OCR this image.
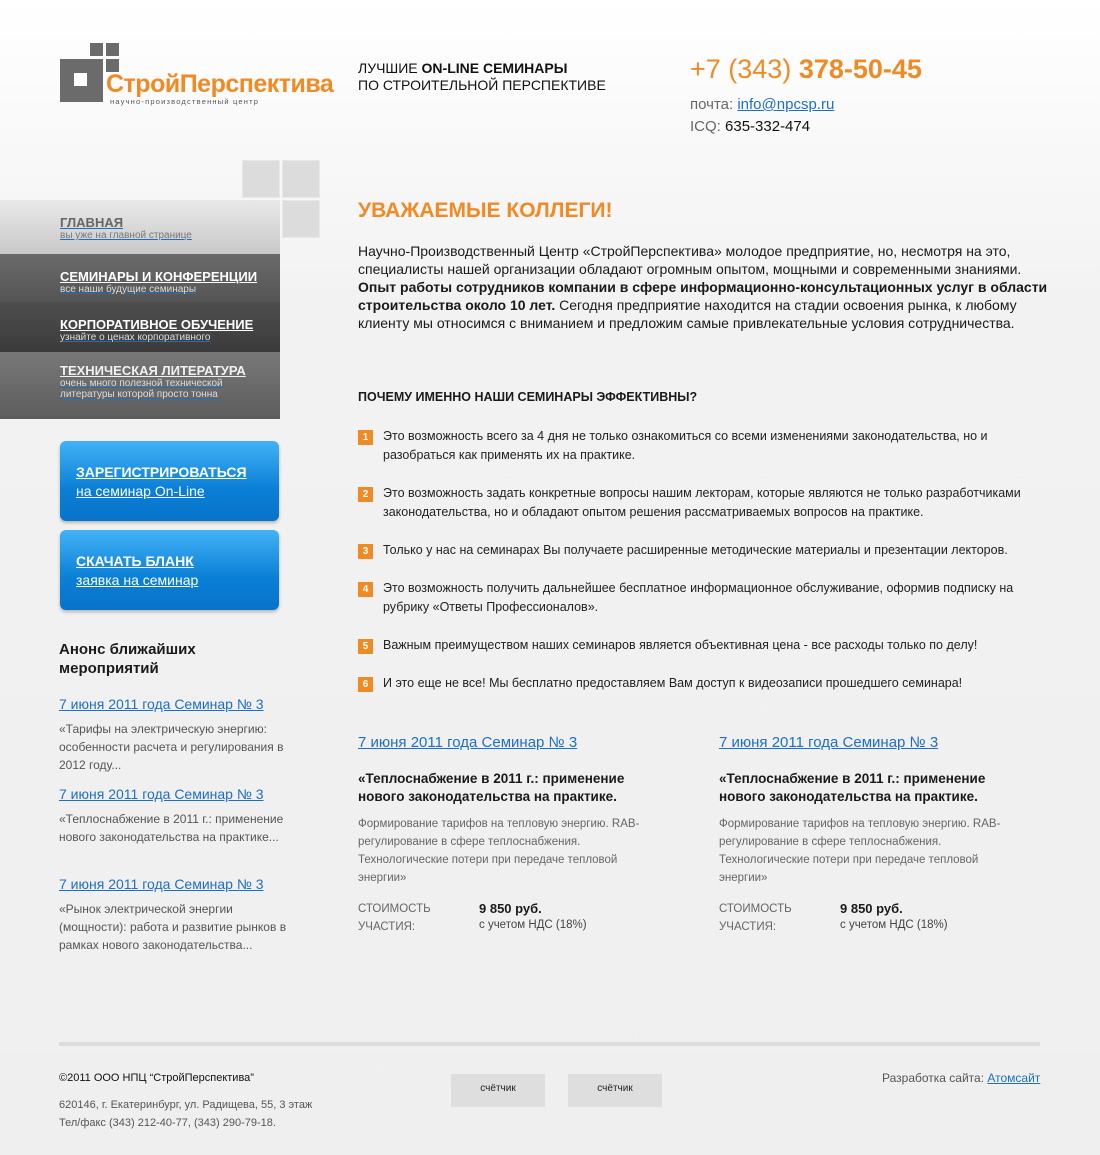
СтройПерспектива
научно-производственный центр
ЛУЧШИЕ ON-LINE СЕМИНАРЫ
ПО СТРОИТЕЛЬНОЙ ПЕРСПЕКТИВЕ
+7 (343) 378-50-45
почта: info@npcsp.ru
ICQ: 635-332-474
ГЛАВНАЯ
вы уже на главной странице
СЕМИНАРЫ И КОНФЕРЕНЦИИ
все наши будущие семинары
КОРПОРАТИВНОЕ ОБУЧЕНИЕ
узнайте о ценах корпоративного
ТЕХНИЧЕСКАЯ ЛИТЕРАТУРА
очень много полезной технической литературы которой просто тонна
ЗАРЕГИСТРИРОВАТЬСЯ
на семинар On-Line
СКАЧАТЬ БЛАНК
заявка на семинар
Анонс ближайших мероприятий
7 июня 2011 года Семинар № 3

«Тарифы на электрическую энергию: особенности расчета и регулирования в 2012 году...

7 июня 2011 года Семинар № 3

«Теплоснабжение в 2011 г.: применение нового законодательства на практике...

7 июня 2011 года Семинар № 3

«Рынок электрической энергии (мощности): работа и развитие рынков в рамках нового законодательства...

УВАЖАЕМЫЕ КОЛЛЕГИ!

Научно-Производственный Центр «СтройПерспектива» молодое предприятие, но, несмотря на это, специалисты нашей организации обладают огромным опытом, мощными и современными знаниями. Опыт работы сотрудников компании в сфере информационно-консультационных услуг в области строительства около 10 лет. Сегодня предприятие находится на стадии освоения рынка, к любому клиенту мы относимся с вниманием и предложим самые привлекательные условия сотрудничества.

ПОЧЕМУ ИМЕННО НАШИ СЕМИНАРЫ ЭФФЕКТИВНЫ?
1	Это возможность всего за 4 дня не только ознакомиться со всеми изменениями законодательства, но и разобраться как применять их на практике.
2	Это возможность задать конкретные вопросы нашим лекторам, которые являются не только разработчиками законодательства, но и обладают опытом решения рассматриваемых вопросов на практике.
3	Только у нас на семинарах Вы получаете расширенные методические материалы и презентации лекторов.
4	Это возможность получить дальнейшее бесплатное информационное обслуживание, оформив подписку на рубрику «Ответы Профессионалов».
5	Важным преимуществом наших семинаров является объективная цена - все расходы только по делу!
6	И это еще не все! Мы бесплатно предоставляем Вам доступ к видеозаписи прошедшего семинара!
7 июня 2011 года Семинар № 3
«Теплоснабжение в 2011 г.: применение нового законодательства на практике.

Формирование тарифов на тепловую энергию. RAB-регулирование в сфере теплоснабжения. Технологические потери при передаче тепловой энергии»

СТОИМОСТЬ УЧАСТИЯ:
9 850 руб.
с учетом НДС (18%)
7 июня 2011 года Семинар № 3
«Теплоснабжение в 2011 г.: применение нового законодательства на практике.

Формирование тарифов на тепловую энергию. RAB-регулирование в сфере теплоснабжения. Технологические потери при передаче тепловой энергии»

СТОИМОСТЬ УЧАСТИЯ:
9 850 руб.
с учетом НДС (18%)
©2011 ООО НПЦ “СтройПерспектива”
620146, г. Екатеринбург, ул. Радищева, 55, 3 этаж
Тел/факс (343) 212-40-77, (343) 290-79-18.
счётчик	счётчик
Разработка сайта: Атомсайт
